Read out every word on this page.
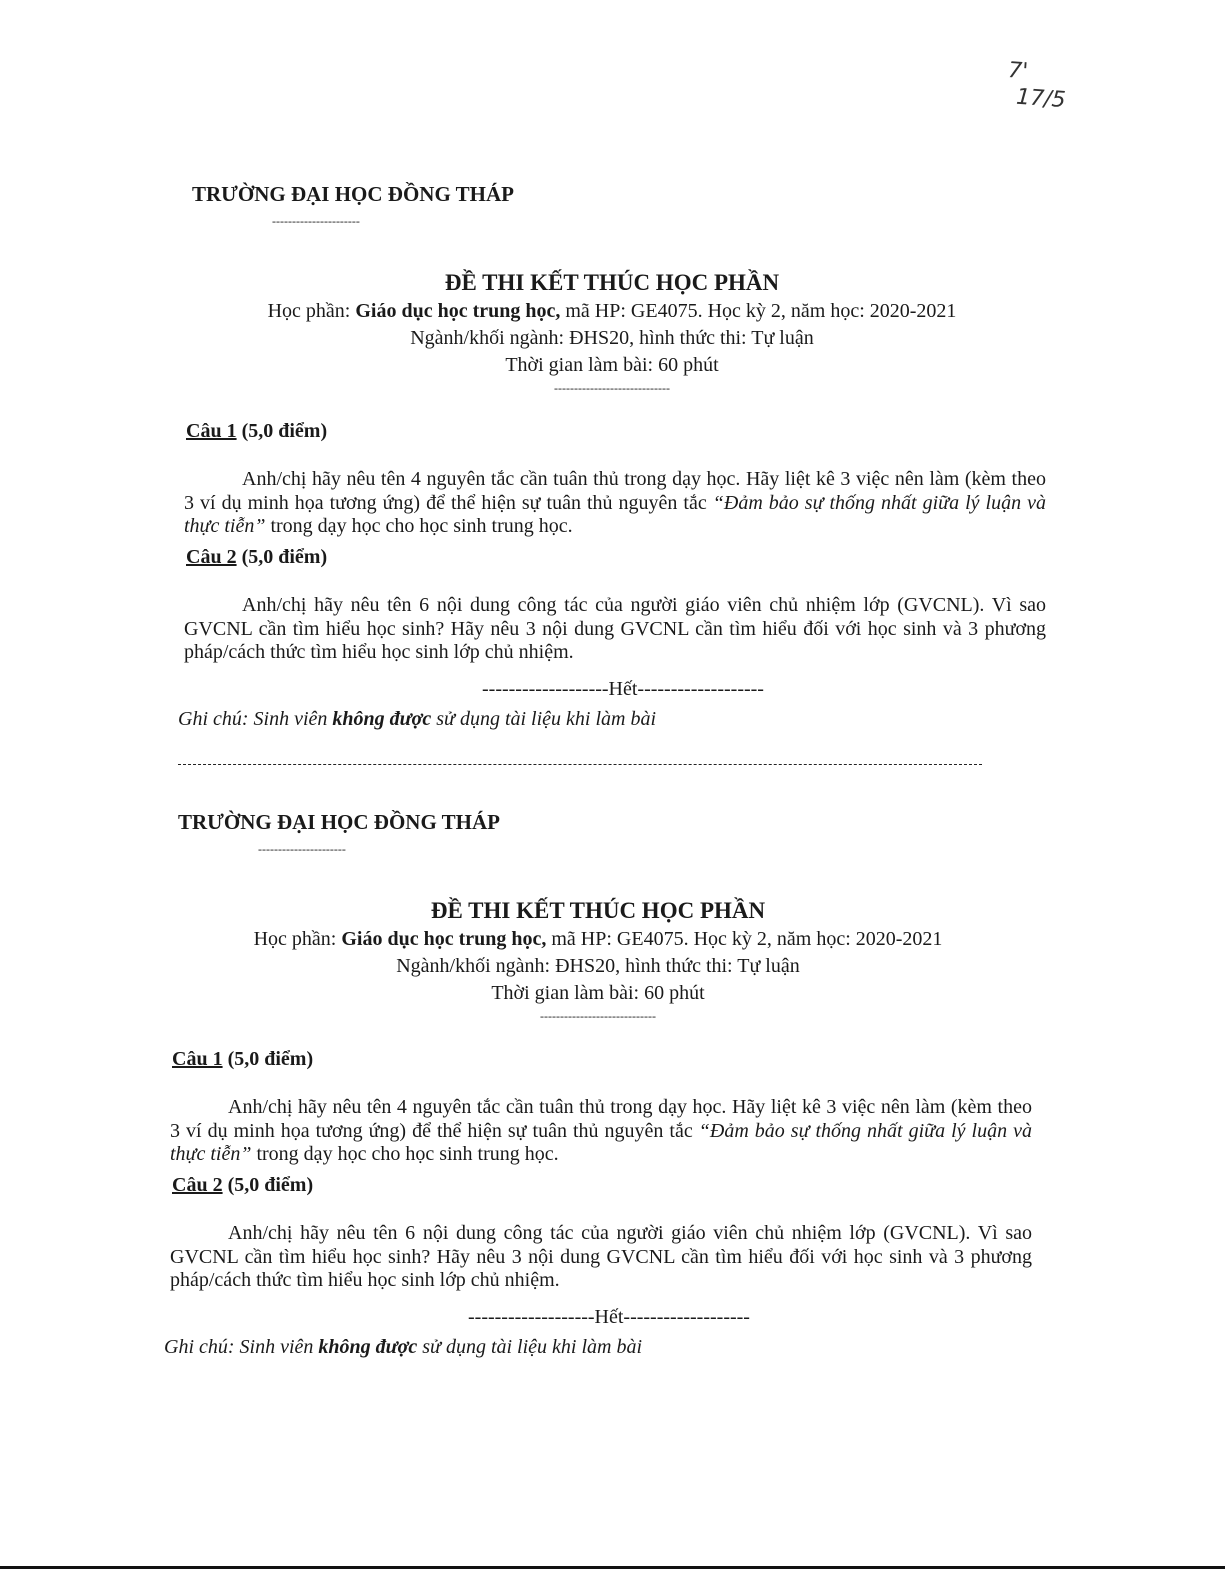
7'
17/5

TRƯỜNG ĐẠI HỌC ĐỒNG THÁP

----------------------

ĐỀ THI KẾT THÚC HỌC PHẦN

Học phần: Giáo dục học trung học, mã HP: GE4075. Học kỳ 2, năm học: 2020-2021

Ngành/khối ngành: ĐHS20, hình thức thi: Tự luận

Thời gian làm bài: 60 phút

-----------------------------

Câu 1 (5,0 điểm)

Anh/chị hãy nêu tên 4 nguyên tắc cần tuân thủ trong dạy học. Hãy liệt kê 3 việc nên làm (kèm theo 3 ví dụ minh họa tương ứng) để thể hiện sự tuân thủ nguyên tắc “Đảm bảo sự thống nhất giữa lý luận và thực tiễn” trong dạy học cho học sinh trung học.

Câu 2 (5,0 điểm)

Anh/chị hãy nêu tên 6 nội dung công tác của người giáo viên chủ nhiệm lớp (GVCNL). Vì sao GVCNL cần tìm hiểu học sinh? Hãy nêu 3 nội dung GVCNL cần tìm hiểu đối với học sinh và 3 phương pháp/cách thức tìm hiểu học sinh lớp chủ nhiệm.

-------------------Hết-------------------
Ghi chú: Sinh viên không được sử dụng tài liệu khi làm bài

TRƯỜNG ĐẠI HỌC ĐỒNG THÁP

----------------------

ĐỀ THI KẾT THÚC HỌC PHẦN

Học phần: Giáo dục học trung học, mã HP: GE4075. Học kỳ 2, năm học: 2020-2021

Ngành/khối ngành: ĐHS20, hình thức thi: Tự luận

Thời gian làm bài: 60 phút

-----------------------------

Câu 1 (5,0 điểm)

Anh/chị hãy nêu tên 4 nguyên tắc cần tuân thủ trong dạy học. Hãy liệt kê 3 việc nên làm (kèm theo 3 ví dụ minh họa tương ứng) để thể hiện sự tuân thủ nguyên tắc “Đảm bảo sự thống nhất giữa lý luận và thực tiễn” trong dạy học cho học sinh trung học.

Câu 2 (5,0 điểm)

Anh/chị hãy nêu tên 6 nội dung công tác của người giáo viên chủ nhiệm lớp (GVCNL). Vì sao GVCNL cần tìm hiểu học sinh? Hãy nêu 3 nội dung GVCNL cần tìm hiểu đối với học sinh và 3 phương pháp/cách thức tìm hiểu học sinh lớp chủ nhiệm.

-------------------Hết-------------------
Ghi chú: Sinh viên không được sử dụng tài liệu khi làm bài
